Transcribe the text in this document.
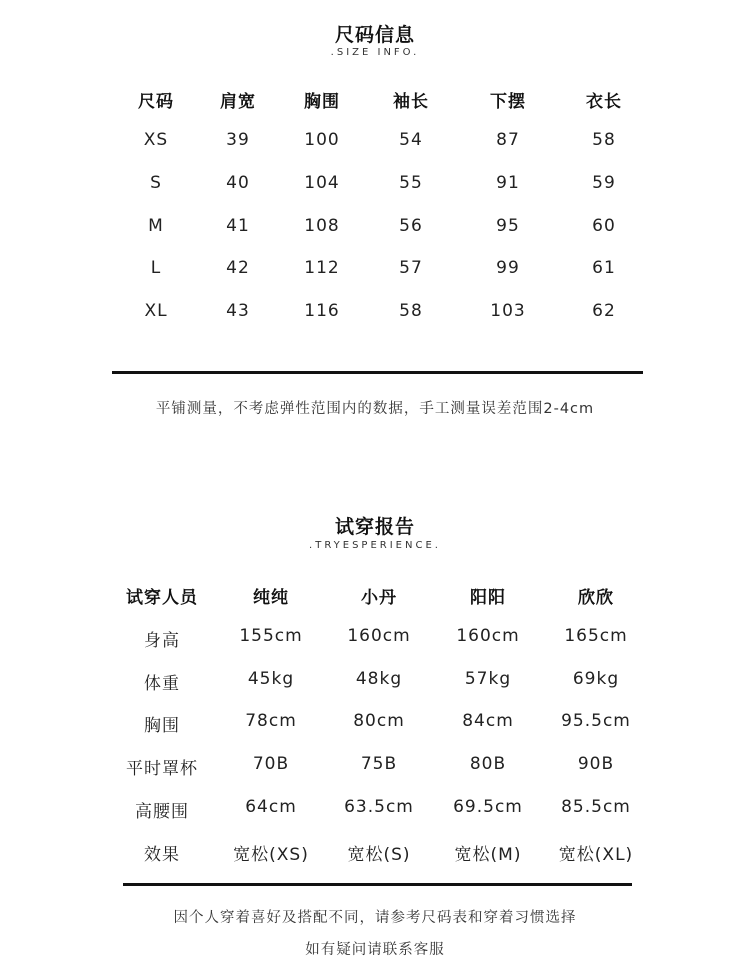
尺码信息
.SIZE INFO.
尺码	肩宽	胸围	袖长	下摆	衣长
XS	39	100	54	87	58
S	40	104	55	91	59
M	41	108	56	95	60
L	42	112	57	99	61
XL	43	116	58	103	62
平铺测量，不考虑弹性范围内的数据，手工测量误差范围2-4cm
试穿报告
.TRYESPERIENCE.
试穿人员	纯纯	小丹	阳阳	欣欣
身高	155cm	160cm	160cm	165cm
体重	45kg	48kg	57kg	69kg
胸围	78cm	80cm	84cm	95.5cm
平时罩杯	70B	75B	80B	90B
高腰围	64cm	63.5cm	69.5cm	85.5cm
效果	宽松(XS)	宽松(S)	宽松(M)	宽松(XL)
因个人穿着喜好及搭配不同，请参考尺码表和穿着习惯选择
如有疑问请联系客服
